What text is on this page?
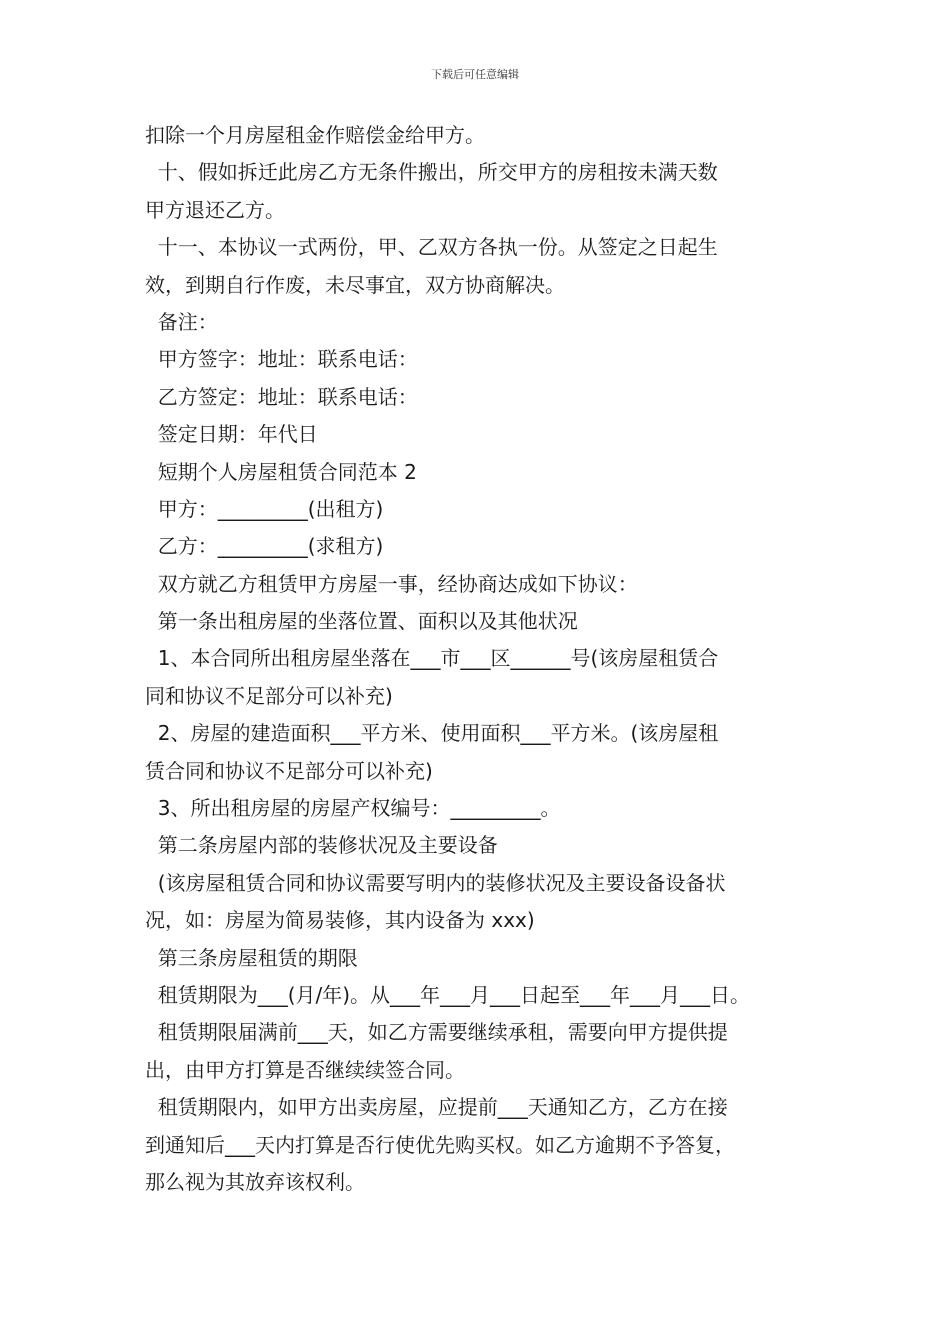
下载后可任意编辑
扣除一个月房屋租金作赔偿金给甲方。
十、假如拆迁此房乙方无条件搬出，所交甲方的房租按未满天数
甲方退还乙方。
十一、本协议一式两份，甲、乙双方各执一份。从签定之日起生
效，到期自行作废，未尽事宜，双方协商解决。
备注：
甲方签字：地址：联系电话：
乙方签定：地址：联系电话：
签定日期：年代日
短期个人房屋租赁合同范本 2
甲方：_________(出租方)
乙方：_________(求租方)
双方就乙方租赁甲方房屋一事，经协商达成如下协议：
第一条出租房屋的坐落位置、面积以及其他状况
1、本合同所出租房屋坐落在___市___区______号(该房屋租赁合
同和协议不足部分可以补充)
2、房屋的建造面积___平方米、使用面积___平方米。(该房屋租
赁合同和协议不足部分可以补充)
3、所出租房屋的房屋产权编号：_________。
第二条房屋内部的装修状况及主要设备
(该房屋租赁合同和协议需要写明内的装修状况及主要设备设备状
况，如：房屋为简易装修，其内设备为 xxx)
第三条房屋租赁的期限
租赁期限为___(月/年)。从___年___月___日起至___年___月___日。
租赁期限届满前___天，如乙方需要继续承租，需要向甲方提供提
出，由甲方打算是否继续续签合同。
租赁期限内，如甲方出卖房屋，应提前___天通知乙方，乙方在接
到通知后___天内打算是否行使优先购买权。如乙方逾期不予答复，
那么视为其放弃该权利。
